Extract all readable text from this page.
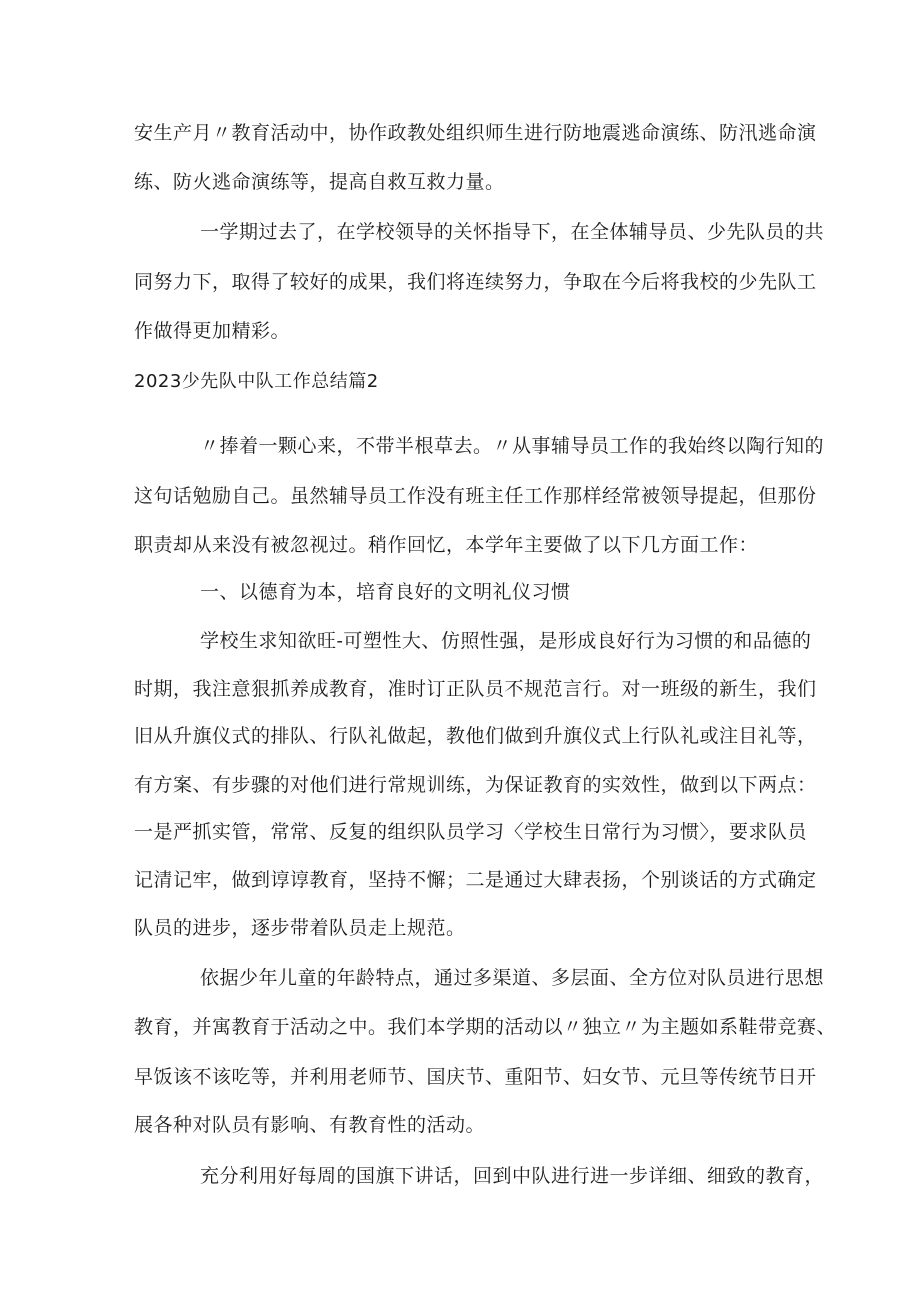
安生产月〃教育活动中，协作政教处组织师生进行防地震逃命演练、防汛逃命演
练、防火逃命演练等，提高自救互救力量。
一学期过去了，在学校领导的关怀指导下，在全体辅导员、少先队员的共
同努力下，取得了较好的成果，我们将连续努力，争取在今后将我校的少先队工
作做得更加精彩。
2023少先队中队工作总结篇2
〃捧着一颗心来，不带半根草去。〃从事辅导员工作的我始终以陶行知的
这句话勉励自己。虽然辅导员工作没有班主任工作那样经常被领导提起，但那份
职责却从来没有被忽视过。稍作回忆，本学年主要做了以下几方面工作：
一、以德育为本，培育良好的文明礼仪习惯
学校生求知欲旺-可塑性大、仿照性强，是形成良好行为习惯的和品德的
时期，我注意狠抓养成教育，准时订正队员不规范言行。对一班级的新生，我们
旧从升旗仪式的排队、行队礼做起，教他们做到升旗仪式上行队礼或注目礼等，
有方案、有步骤的对他们进行常规训练，为保证教育的实效性，做到以下两点：
一是严抓实管，常常、反复的组织队员学习〈学校生日常行为习惯〉，要求队员
记清记牢，做到谆谆教育，坚持不懈；二是通过大肆表扬，个别谈话的方式确定
队员的进步，逐步带着队员走上规范。
依据少年儿童的年龄特点，通过多渠道、多层面、全方位对队员进行思想
教育，并寓教育于活动之中。我们本学期的活动以〃独立〃为主题如系鞋带竞赛、
早饭该不该吃等，并利用老师节、国庆节、重阳节、妇女节、元旦等传统节日开
展各种对队员有影响、有教育性的活动。
充分利用好每周的国旗下讲话，回到中队进行进一步详细、细致的教育，
